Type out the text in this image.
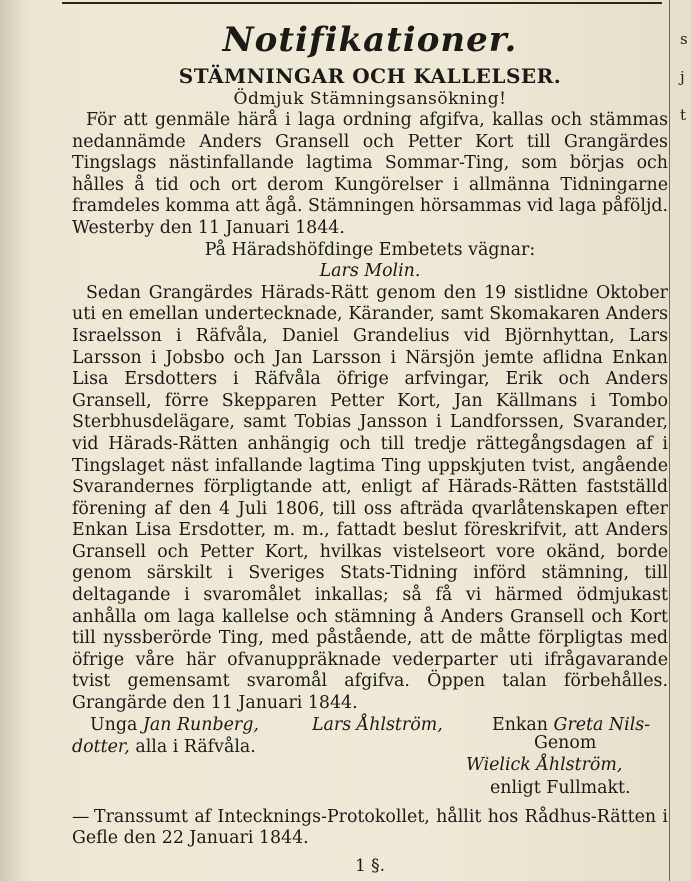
s
j
t
Notifikationer.
STÄMNINGAR OCH KALLELSER.
Ödmjuk Stämningsansökning!

För att genmäle härå i laga ordning afgifva, kallas och stämmas nedannämde Anders Gransell och Petter Kort till Grangärdes Tingslags nästinfallande lagtima Sommar-Ting, som börjas och hålles å tid och ort derom Kungörelser i allmänna Tidningarne framdeles komma att ågå. Stämningen hörsammas vid laga påföljd. Westerby den 11 Januari 1844.

På Häradshöfdinge Embetets vägnar:

Lars Molin.

Sedan Grangärdes Härads-Rätt genom den 19 sistlidne Oktober uti en emellan undertecknade, Kärander, samt Skomakaren Anders Israelsson i Räfvåla, Daniel Grandelius vid Björnhyttan, Lars Larsson i Jobsbo och Jan Larsson i Närsjön jemte aflidna Enkan Lisa Ersdotters i Räfvåla öfrige arfvingar, Erik och Anders Gransell, förre Skepparen Petter Kort, Jan Källmans i Tombo Sterbhusdelägare, samt Tobias Jansson i Landforssen, Svarander, vid Härads-Rätten anhängig och till tredje rättegångsdagen af i Tingslaget näst infallande lagtima Ting uppskjuten tvist, angående Svarandernes förpligtande att, enligt af Härads-Rätten fastställd förening af den 4 Juli 1806, till oss afträda qvarlåtenskapen efter Enkan Lisa Ersdotter, m. m., fattadt beslut föreskrifvit, att Anders Gransell och Petter Kort, hvilkas vistelseort vore okänd, borde genom särskilt i Sveriges Stats-Tidning införd stämning, till deltagande i svaromålet inkallas; så få vi härmed ödmjukast anhålla om laga kallelse och stämning å Anders Gransell och Kort till nyssberörde Ting, med påstående, att de måtte förpligtas med öfrige våre här ofvanuppräknade vederparter uti ifrågavarande tvist gemensamt svaromål afgifva. Öppen talan förbehålles. Grangärde den 11 Januari 1844.

Unga Jan Runberg,	Lars Åhlström,	Enkan Greta Nils-
dotter, alla i Räfvåla.	Genom
Wielick Åhlström,
enligt Fullmakt.

— Transsumt af Intecknings-Protokollet, hållit hos Rådhus-Rätten i Gefle den 22 Januari 1844.

1 §.
